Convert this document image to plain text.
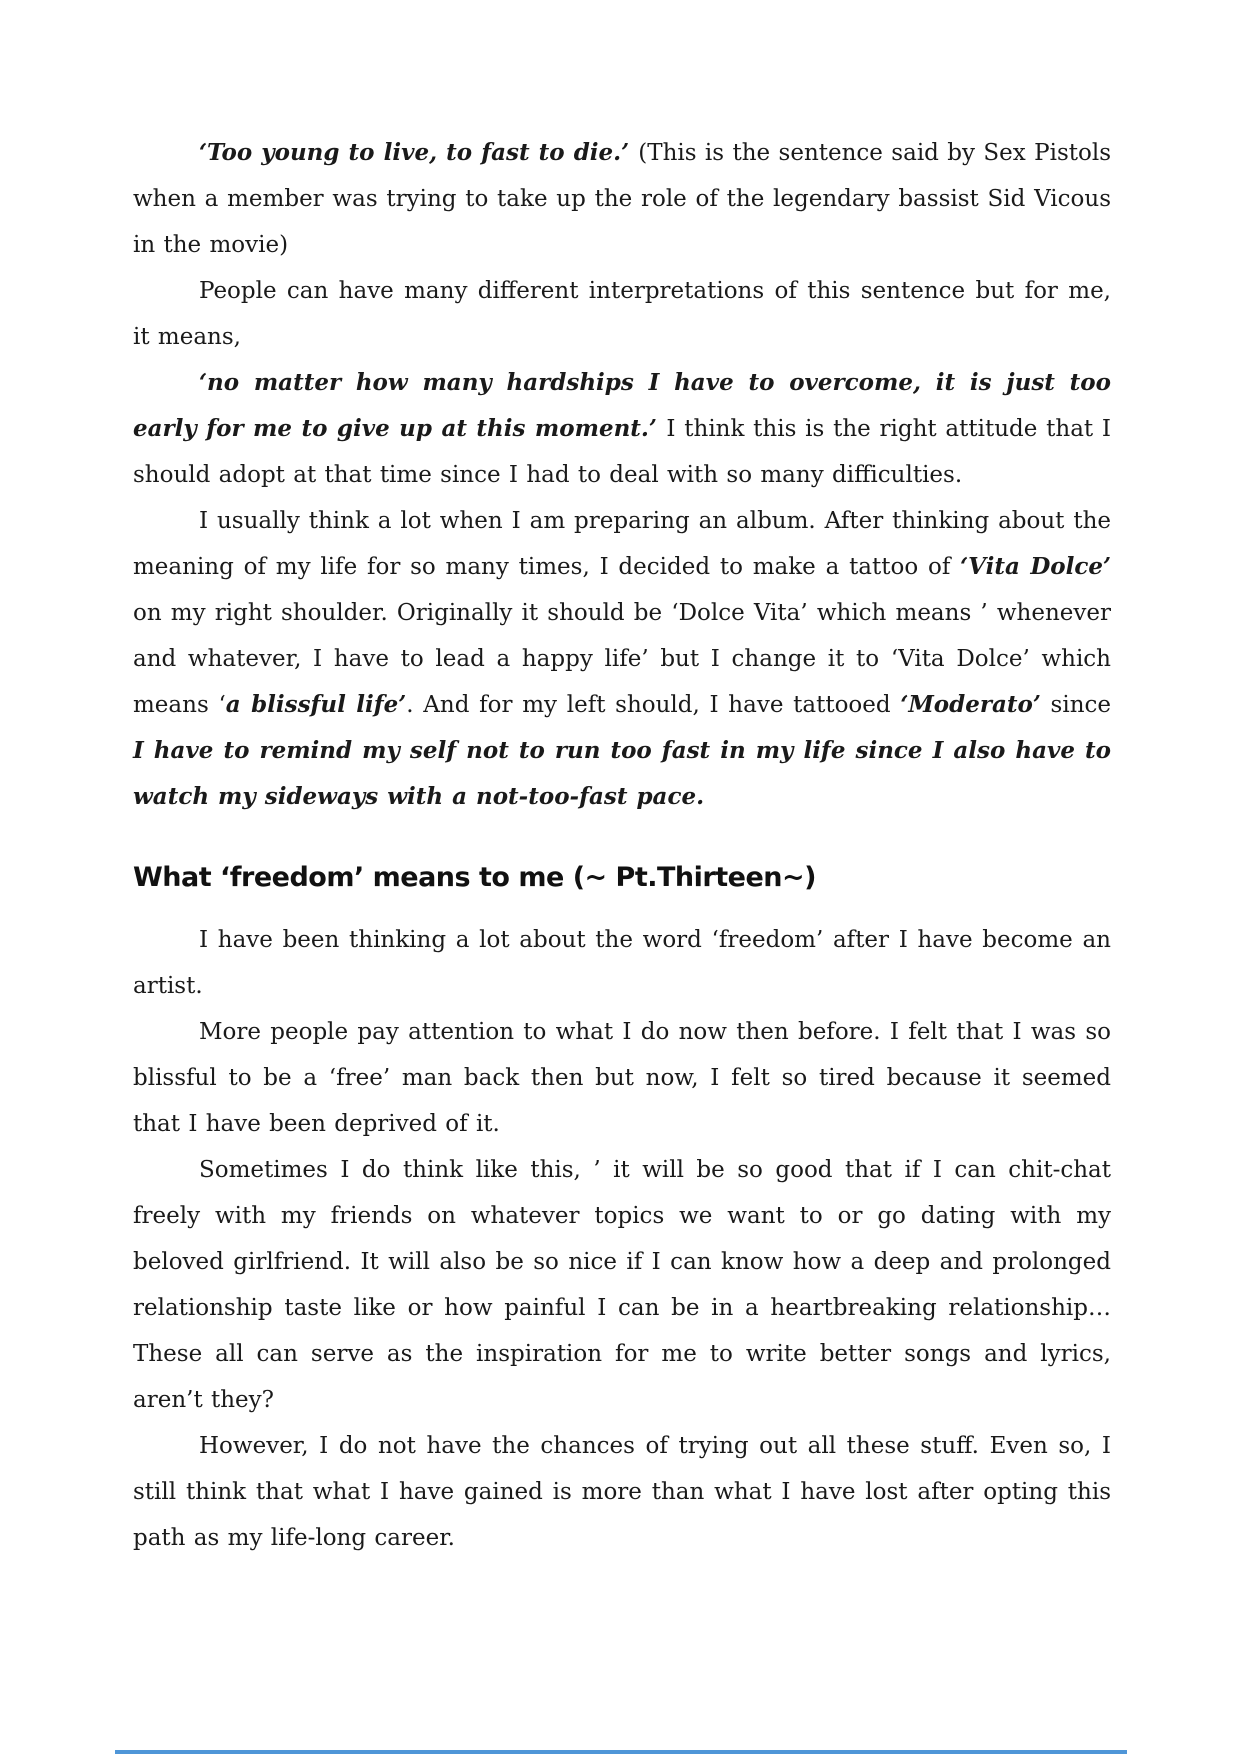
‘Too young to live, to fast to die.’ (This is the sentence said by Sex Pistols when a member was trying to take up the role of the legendary bassist Sid Vicous in the movie)

People can have many different interpretations of this sentence but for me, it means,

‘no matter how many hardships I have to overcome, it is just too early for me to give up at this moment.’ I think this is the right attitude that I should adopt at that time since I had to deal with so many difficulties.

I usually think a lot when I am preparing an album. After thinking about the meaning of my life for so many times, I decided to make a tattoo of ‘Vita Dolce’ on my right shoulder. Originally it should be ‘Dolce Vita’ which means ’ whenever and whatever, I have to lead a happy life’ but I change it to ‘Vita Dolce’ which means ‘a blissful life’. And for my left should, I have tattooed ‘Moderato’ since I have to remind my self not to run too fast in my life since I also have to watch my sideways with a not-too-fast pace.

What ‘freedom’ means to me (~ Pt.Thirteen~)

I have been thinking a lot about the word ‘freedom’ after I have become an artist.

More people pay attention to what I do now then before. I felt that I was so blissful to be a ‘free’ man back then but now, I felt so tired because it seemed that I have been deprived of it.

Sometimes I do think like this, ’ it will be so good that if I can chit-chat freely with my friends on whatever topics we want to or go dating with my beloved girlfriend. It will also be so nice if I can know how a deep and prolonged relationship taste like or how painful I can be in a heartbreaking relationship… These all can serve as the inspiration for me to write better songs and lyrics, aren’t they?

However, I do not have the chances of trying out all these stuff. Even so, I still think that what I have gained is more than what I have lost after opting this path as my life-long career.
